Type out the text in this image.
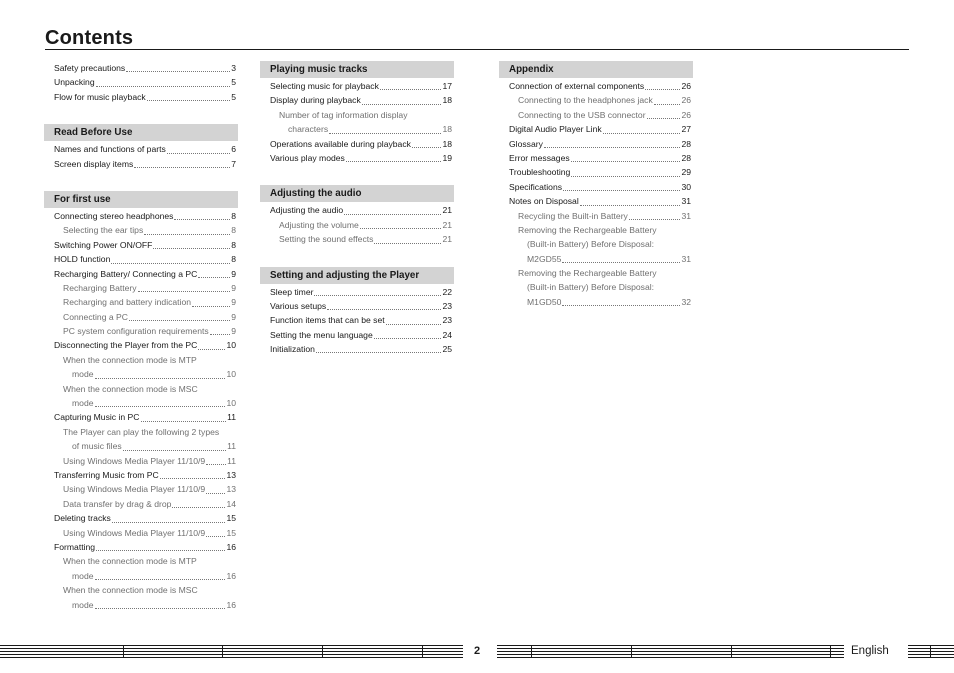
Contents
Safety precautions	3
Unpacking	5
Flow for music playback	5
Read Before Use
Names and functions of parts	6
Screen display items	7
For first use
Connecting stereo headphones	8
Selecting the ear tips	8
Switching Power ON/OFF	8
HOLD function	8
Recharging Battery/ Connecting a PC	9
Recharging Battery	9
Recharging and battery indication	9
Connecting a PC	9
PC system configuration requirements	9
Disconnecting the Player from the PC	10
When the connection mode is MTP
mode	10
When the connection mode is MSC
mode	10
Capturing Music in PC	11
The Player can play the following 2 types
of music files	11
Using Windows Media Player 11/10/9	11
Transferring Music from PC	13
Using Windows Media Player 11/10/9 13
Data transfer by drag & drop	14
Deleting tracks	15
Using Windows Media Player 11/10/9 15
Formatting	16
When the connection mode is MTP
mode	16
When the connection mode is MSC
mode	16
Playing music tracks
Selecting music for playback	17
Display during playback	18
Number of tag information display
characters	18
Operations available during playback	18
Various play modes	19
Adjusting the audio
Adjusting the audio	21
Adjusting the volume	21
Setting the sound effects	21
Setting and adjusting the Player
Sleep timer	22
Various setups	23
Function items that can be set	23
Setting the menu language	24
Initialization	25
Appendix
Connection of external components	26
Connecting to the headphones jack	26
Connecting to the USB connector	26
Digital Audio Player Link	27
Glossary	28
Error messages	28
Troubleshooting	29
Specifications	30
Notes on Disposal	31
Recycling the Built-in Battery	31
Removing the Rechargeable Battery
(Built-in Battery) Before Disposal:
M2GD55	31
Removing the Rechargeable Battery
(Built-in Battery) Before Disposal:
M1GD50	32
2	English
